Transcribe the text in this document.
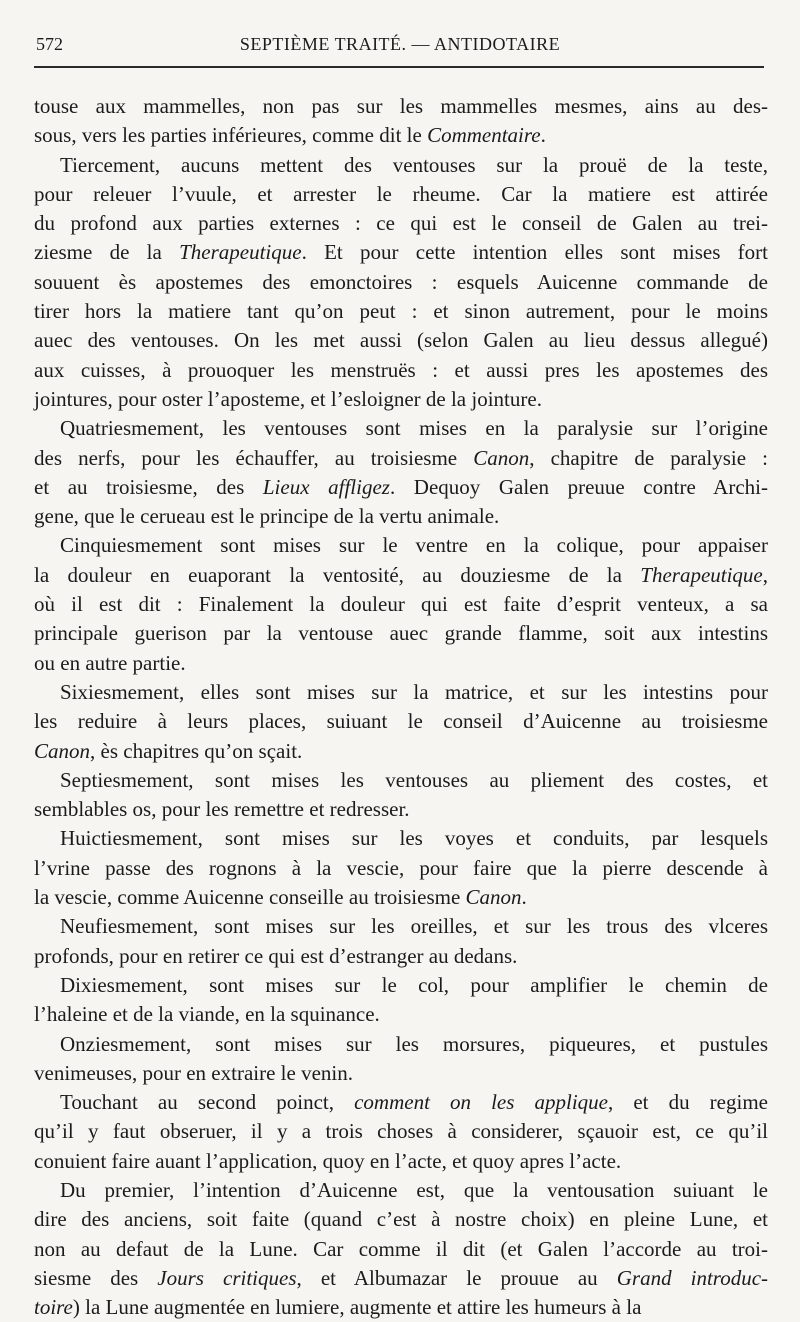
572	SEPTIÈME TRAITÉ. — ANTIDOTAIRE
touse aux mammelles, non pas sur les mammelles mesmes, ains au des-
sous, vers les parties inférieures, comme dit le Commentaire.
Tiercement, aucuns mettent des ventouses sur la prouë de la teste,
pour releuer l’vuule, et arrester le rheume. Car la matiere est attirée
du profond aux parties externes : ce qui est le conseil de Galen au trei-
ziesme de la Therapeutique. Et pour cette intention elles sont mises fort
souuent ès apostemes des emonctoires : esquels Auicenne commande de
tirer hors la matiere tant qu’on peut : et sinon autrement, pour le moins
auec des ventouses. On les met aussi (selon Galen au lieu dessus allegué)
aux cuisses, à prouoquer les menstruës : et aussi pres les apostemes des
jointures, pour oster l’aposteme, et l’esloigner de la jointure.
Quatriesmement, les ventouses sont mises en la paralysie sur l’origine
des nerfs, pour les échauffer, au troisiesme Canon, chapitre de paralysie :
et au troisiesme, des Lieux affligez. Dequoy Galen preuue contre Archi-
gene, que le cerueau est le principe de la vertu animale.
Cinquiesmement sont mises sur le ventre en la colique, pour appaiser
la douleur en euaporant la ventosité, au douziesme de la Therapeutique,
où il est dit : Finalement la douleur qui est faite d’esprit venteux, a sa
principale guerison par la ventouse auec grande flamme, soit aux intestins
ou en autre partie.
Sixiesmement, elles sont mises sur la matrice, et sur les intestins pour
les reduire à leurs places, suiuant le conseil d’Auicenne au troisiesme
Canon, ès chapitres qu’on sçait.
Septiesmement, sont mises les ventouses au pliement des costes, et
semblables os, pour les remettre et redresser.
Huictiesmement, sont mises sur les voyes et conduits, par lesquels
l’vrine passe des rognons à la vescie, pour faire que la pierre descende à
la vescie, comme Auicenne conseille au troisiesme Canon.
Neufiesmement, sont mises sur les oreilles, et sur les trous des vlceres
profonds, pour en retirer ce qui est d’estranger au dedans.
Dixiesmement, sont mises sur le col, pour amplifier le chemin de
l’haleine et de la viande, en la squinance.
Onziesmement, sont mises sur les morsures, piqueures, et pustules
venimeuses, pour en extraire le venin.
Touchant au second poinct, comment on les applique, et du regime
qu’il y faut obseruer, il y a trois choses à considerer, sçauoir est, ce qu’il
conuient faire auant l’application, quoy en l’acte, et quoy apres l’acte.
Du premier, l’intention d’Auicenne est, que la ventousation suiuant le
dire des anciens, soit faite (quand c’est à nostre choix) en pleine Lune, et
non au defaut de la Lune. Car comme il dit (et Galen l’accorde au troi-
siesme des Jours critiques, et Albumazar le prouue au Grand introduc-
toire) la Lune augmentée en lumiere, augmente et attire les humeurs à la
